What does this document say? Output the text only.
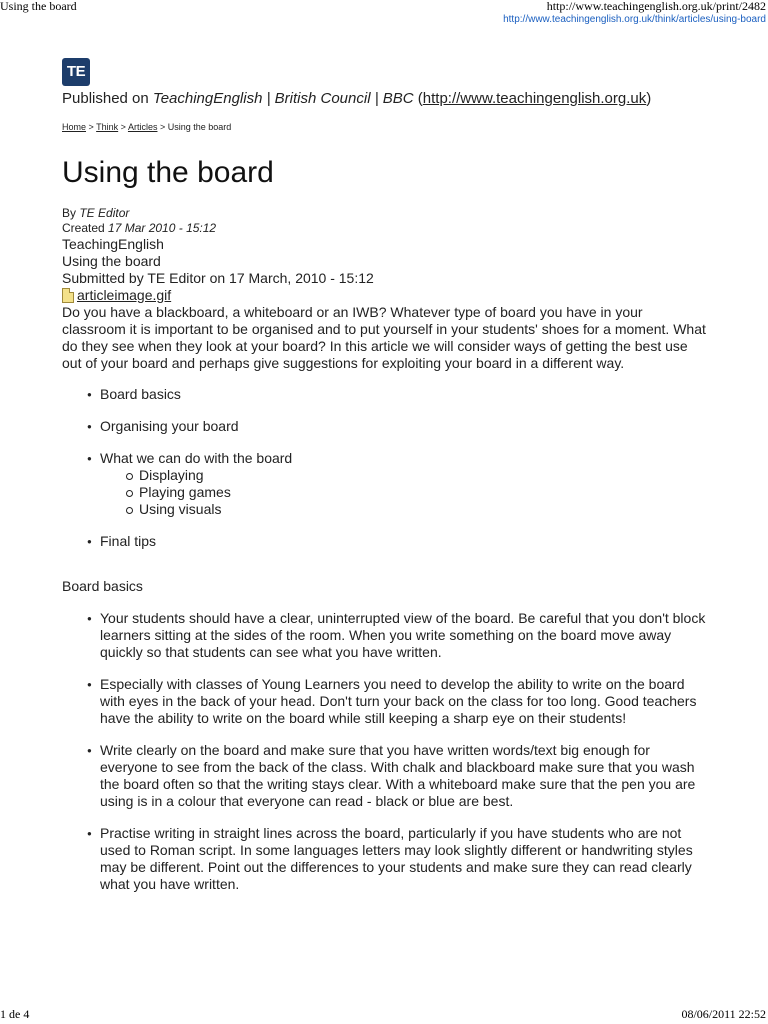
Using the board	http://www.teachingenglish.org.uk/print/2482
http://www.teachingenglish.org.uk/think/articles/using-board
TE
Published on TeachingEnglish | British Council | BBC (http://www.teachingenglish.org.uk)
Home > Think > Articles > Using the board
Using the board
By TE Editor
Created 17 Mar 2010 - 15:12
TeachingEnglish
Using the board
Submitted by TE Editor on 17 March, 2010 - 15:12
articleimage.gif

Do you have a blackboard, a whiteboard or an IWB? Whatever type of board you have in your classroom it is important to be organised and to put yourself in your students' shoes for a moment. What do they see when they look at your board? In this article we will consider ways of getting the best use out of your board and perhaps give suggestions for exploiting your board in a different way.

● Board basics
● Organising your board
● What we can do with the board
Displaying
Playing games
Using visuals
● Final tips
Board basics
● Your students should have a clear, uninterrupted view of the board. Be careful that you don't block learners sitting at the sides of the room. When you write something on the board move away quickly so that students can see what you have written.
● Especially with classes of Young Learners you need to develop the ability to write on the board with eyes in the back of your head. Don't turn your back on the class for too long. Good teachers have the ability to write on the board while still keeping a sharp eye on their students!
● Write clearly on the board and make sure that you have written words/text big enough for everyone to see from the back of the class. With chalk and blackboard make sure that you wash the board often so that the writing stays clear. With a whiteboard make sure that the pen you are using is in a colour that everyone can read - black or blue are best.
● Practise writing in straight lines across the board, particularly if you have students who are not used to Roman script. In some languages letters may look slightly different or handwriting styles may be different. Point out the differences to your students and make sure they can read clearly what you have written.
1 de 4	08/06/2011 22:52
